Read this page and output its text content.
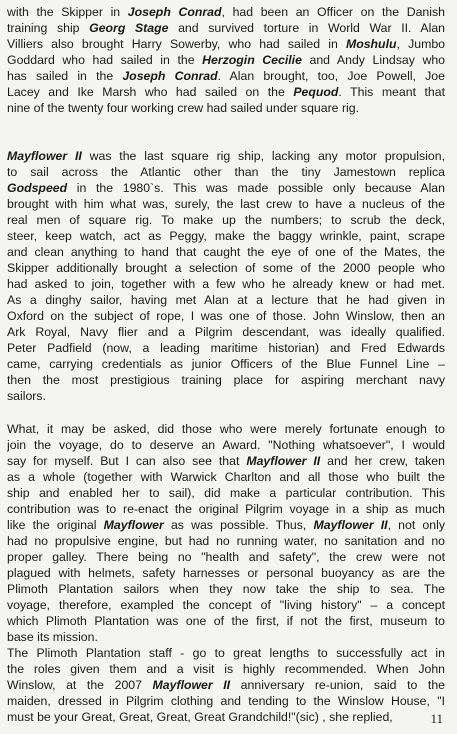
with the Skipper in Joseph Conrad, had been an Officer on the Danish
training ship Georg Stage and survived torture in World War II. Alan
Villiers also brought Harry Sowerby, who had sailed in Moshulu, Jumbo
Goddard who had sailed in the Herzogin Cecilie and Andy Lindsay who
has sailed in the Joseph Conrad. Alan brought, too, Joe Powell, Joe
Lacey and Ike Marsh who had sailed on the Pequod. This meant that
nine of the twenty four working crew had sailed under square rig.
Mayflower II was the last square rig ship, lacking any motor propulsion,
to sail across the Atlantic other than the tiny Jamestown replica
Godspeed in the 1980`s. This was made possible only because Alan
brought with him what was, surely, the last crew to have a nucleus of the
real men of square rig. To make up the numbers; to scrub the deck,
steer, keep watch, act as Peggy, make the baggy wrinkle, paint, scrape
and clean anything to hand that caught the eye of one of the Mates, the
Skipper additionally brought a selection of some of the 2000 people who
had asked to join, together with a few who he already knew or had met.
As a dinghy sailor, having met Alan at a lecture that he had given in
Oxford on the subject of rope, I was one of those. John Winslow, then an
Ark Royal, Navy flier and a Pilgrim descendant, was ideally qualified.
Peter Padfield (now, a leading maritime historian) and Fred Edwards
came, carrying credentials as junior Officers of the Blue Funnel Line –
then the most prestigious training place for aspiring merchant navy
sailors.
What, it may be asked, did those who were merely fortunate enough to
join the voyage, do to deserve an Award. "Nothing whatsoever", I would
say for myself. But I can also see that Mayflower II and her crew, taken
as a whole (together with Warwick Charlton and all those who built the
ship and enabled her to sail), did make a particular contribution. This
contribution was to re-enact the original Pilgrim voyage in a ship as much
like the original Mayflower as was possible. Thus, Mayflower II, not only
had no propulsive engine, but had no running water, no sanitation and no
proper galley. There being no "health and safety", the crew were not
plagued with helmets, safety harnesses or personal buoyancy as are the
Plimoth Plantation sailors when they now take the ship to sea. The
voyage, therefore, exampled the concept of "living history" – a concept
which Plimoth Plantation was one of the first, if not the first, museum to
base its mission.
The Plimoth Plantation staff - go to great lengths to successfully act in
the roles given them and a visit is highly recommended. When John
Winslow, at the 2007 Mayflower II anniversary re-union, said to the
maiden, dressed in Pilgrim clothing and tending to the Winslow House, "I
must be your Great, Great, Great, Great Grandchild!"(sic) , she replied,	11
